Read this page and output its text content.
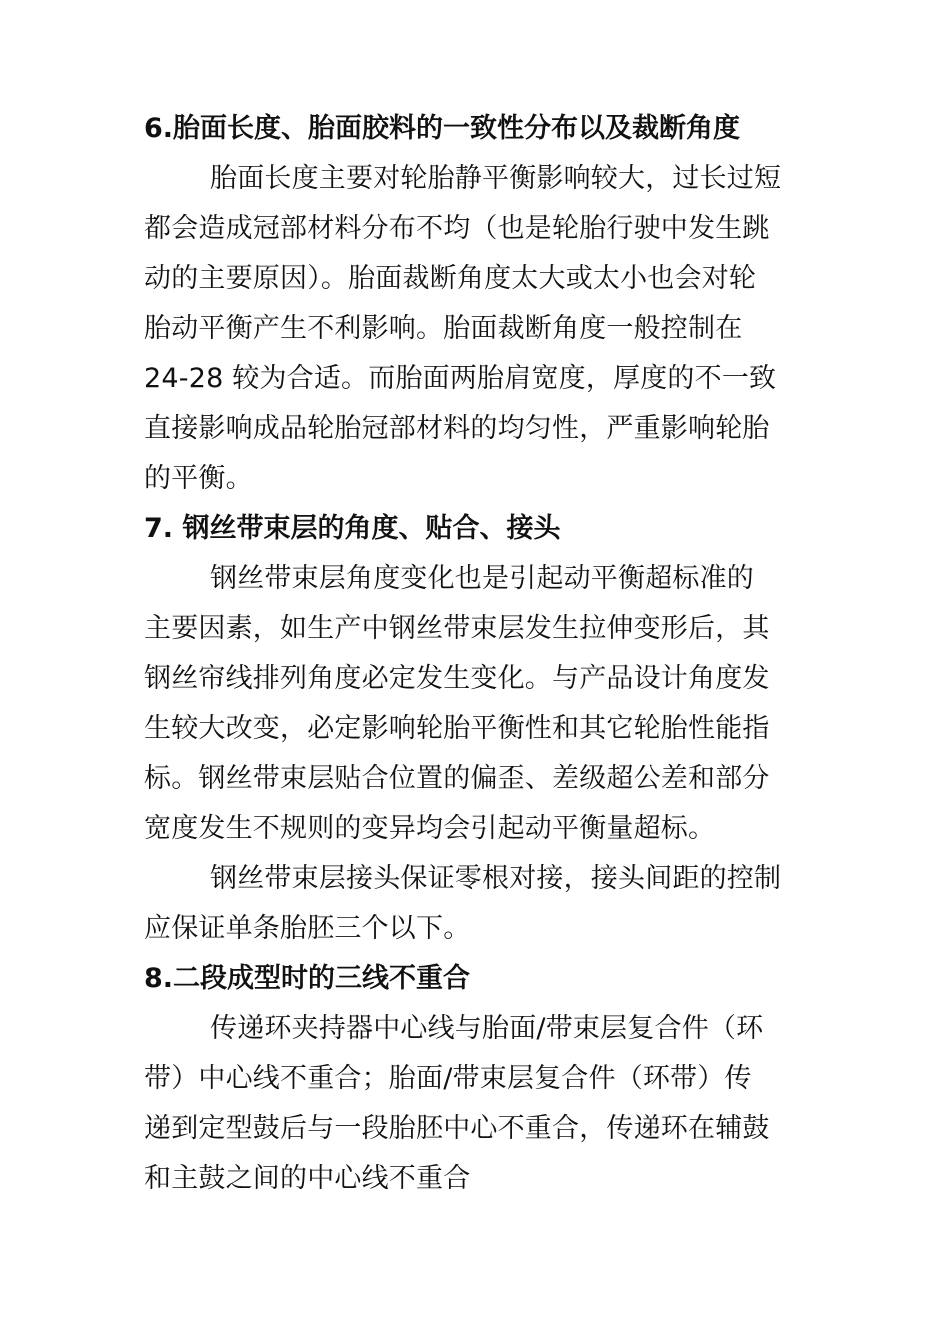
6.胎面长度、胎面胶料的一致性分布以及裁断角度
胎面长度主要对轮胎静平衡影响较大，过长过短
都会造成冠部材料分布不均（也是轮胎行驶中发生跳
动的主要原因）。胎面裁断角度太大或太小也会对轮
胎动平衡产生不利影响。胎面裁断角度一般控制在
24-28 较为合适。而胎面两胎肩宽度，厚度的不一致
直接影响成品轮胎冠部材料的均匀性，严重影响轮胎
的平衡。
7. 钢丝带束层的角度、贴合、接头
钢丝带束层角度变化也是引起动平衡超标准的
主要因素，如生产中钢丝带束层发生拉伸变形后，其
钢丝帘线排列角度必定发生变化。与产品设计角度发
生较大改变，必定影响轮胎平衡性和其它轮胎性能指
标。钢丝带束层贴合位置的偏歪、差级超公差和部分
宽度发生不规则的变异均会引起动平衡量超标。
钢丝带束层接头保证零根对接，接头间距的控制
应保证单条胎胚三个以下。
8.二段成型时的三线不重合
传递环夹持器中心线与胎面/带束层复合件（环
带）中心线不重合；胎面/带束层复合件（环带）传
递到定型鼓后与一段胎胚中心不重合，传递环在辅鼓
和主鼓之间的中心线不重合
